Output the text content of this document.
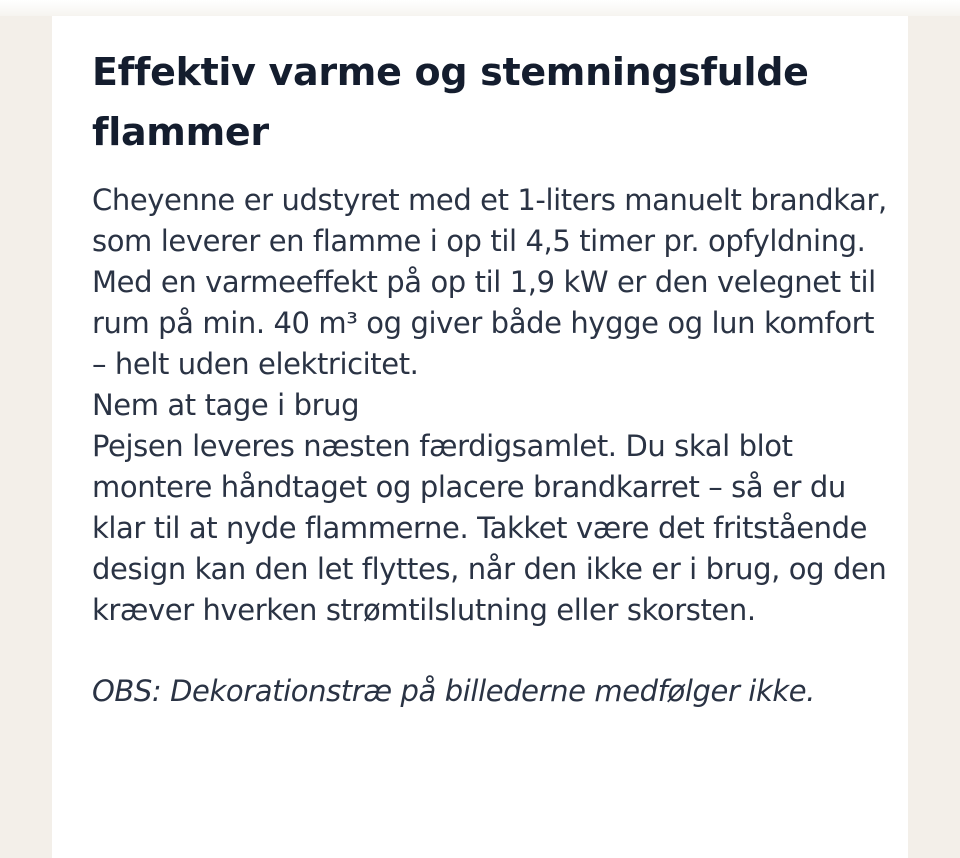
Effektiv varme og stemningsfulde flammer

Cheyenne er udstyret med et 1-liters manuelt brandkar, som leverer en flamme i op til 4,5 timer pr. opfyldning. Med en varmeeffekt på op til 1,9 kW er den velegnet til rum på min. 40 m³ og giver både hygge og lun komfort – helt uden elektricitet.

Nem at tage i brug

Pejsen leveres næsten færdigsamlet. Du skal blot montere håndtaget og placere brandkarret – så er du klar til at nyde flammerne. Takket være det fritstående design kan den let flyttes, når den ikke er i brug, og den kræver hverken strømtilslutning eller skorsten.

OBS: Dekorationstræ på billederne medfølger ikke.
